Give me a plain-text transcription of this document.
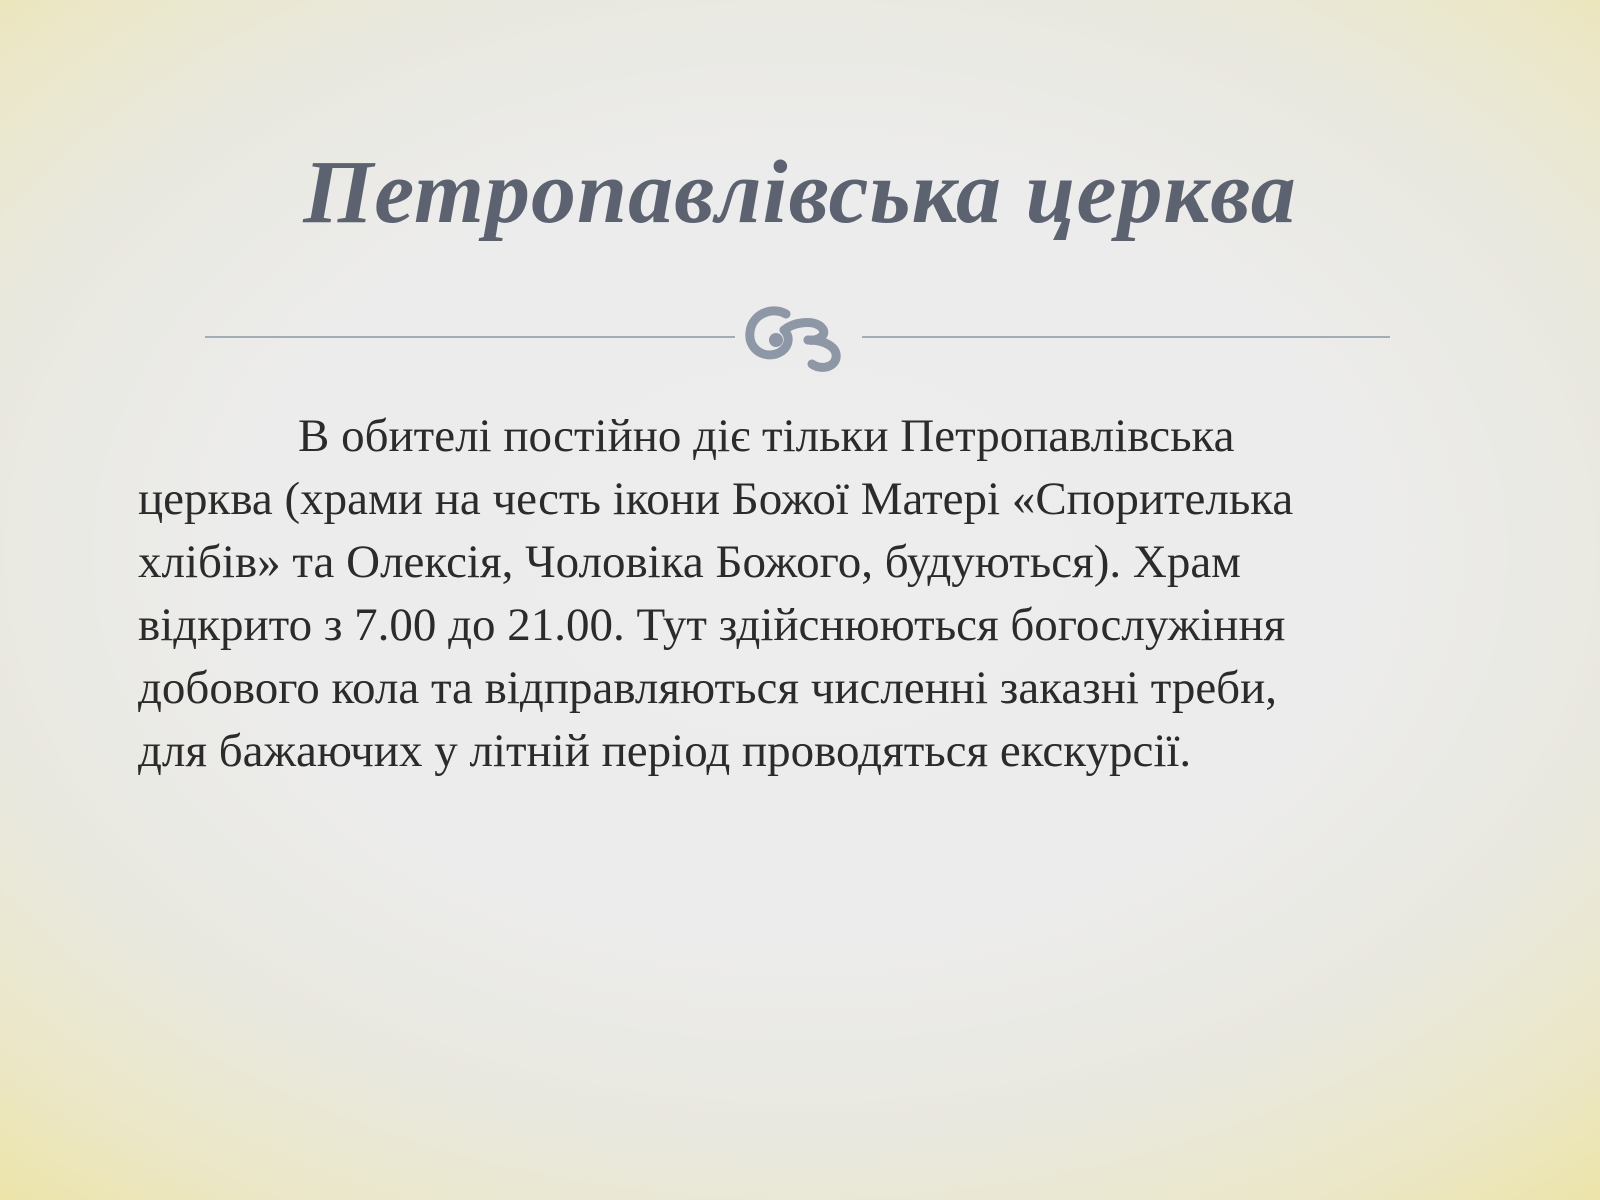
Петропавлівська церква
В обителі постійно діє тільки Петропавлівська
церква (храми на честь ікони Божої Матері «Спорителька
хлібів» та Олексія, Чоловіка Божого, будуються). Храм
відкрито з 7.00 до 21.00. Тут здійснюються богослужіння
добового кола та відправляються численні заказні треби,
для бажаючих у літній період проводяться екскурсії.
